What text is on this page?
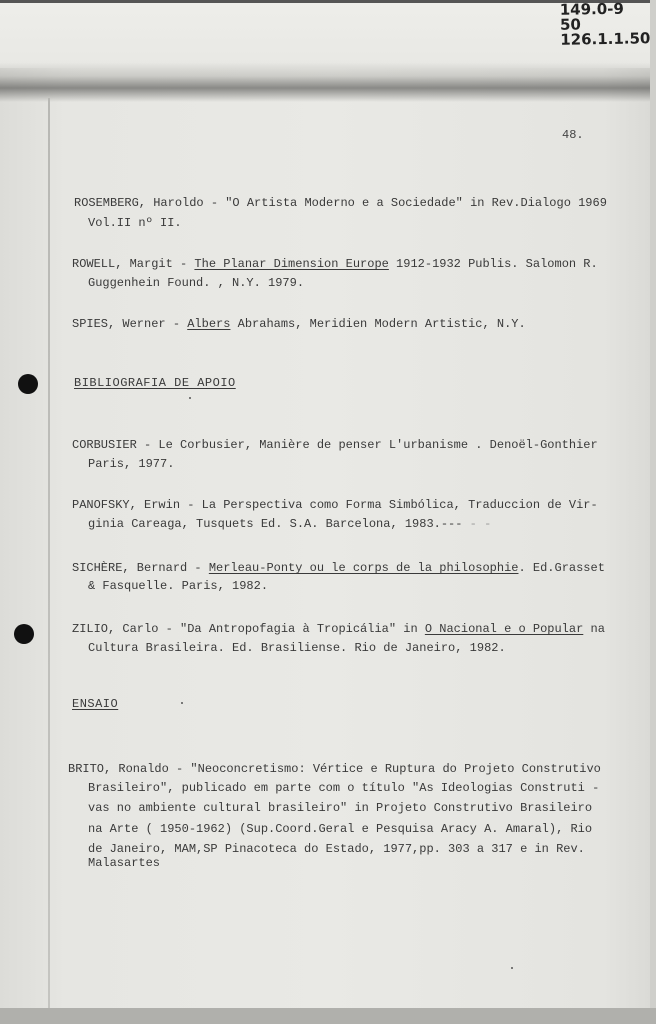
149.0-9 50
126.1.1.50
48.
ROSEMBERG, Haroldo - "O Artista Moderno e a Sociedade" in Rev.Dialogo 1969
Vol.II nº II.
ROWELL, Margit - The Planar Dimension Europe 1912-1932 Publis. Salomon R.
Guggenhein Found. , N.Y. 1979.
SPIES, Werner - Albers Abrahams, Meridien Modern Artistic, N.Y.
BIBLIOGRAFIA DE APOIO
CORBUSIER - Le Corbusier, Manière de penser L'urbanisme . Denoël-Gonthier
Paris, 1977.
PANOFSKY, Erwin - La Perspectiva como Forma Simbólica, Traduccion de Vir-
ginia Careaga, Tusquets Ed. S.A. Barcelona, 1983.--- - -
SICHÈRE, Bernard - Merleau-Ponty ou le corps de la philosophie. Ed.Grasset
& Fasquelle. Paris, 1982.
ZILIO, Carlo - "Da Antropofagia à Tropicália" in O Nacional e o Popular na
Cultura Brasileira. Ed. Brasiliense. Rio de Janeiro, 1982.
ENSAIO
BRITO, Ronaldo - "Neoconcretismo: Vértice e Ruptura do Projeto Construtivo
Brasileiro", publicado em parte com o título "As Ideologias Construti -
vas no ambiente cultural brasileiro" in Projeto Construtivo Brasileiro
na Arte ( 1950-1962) (Sup.Coord.Geral e Pesquisa Aracy A. Amaral), Rio
de Janeiro, MAM,SP Pinacoteca do Estado, 1977,pp. 303 a 317 e in Rev.
Malasartes
